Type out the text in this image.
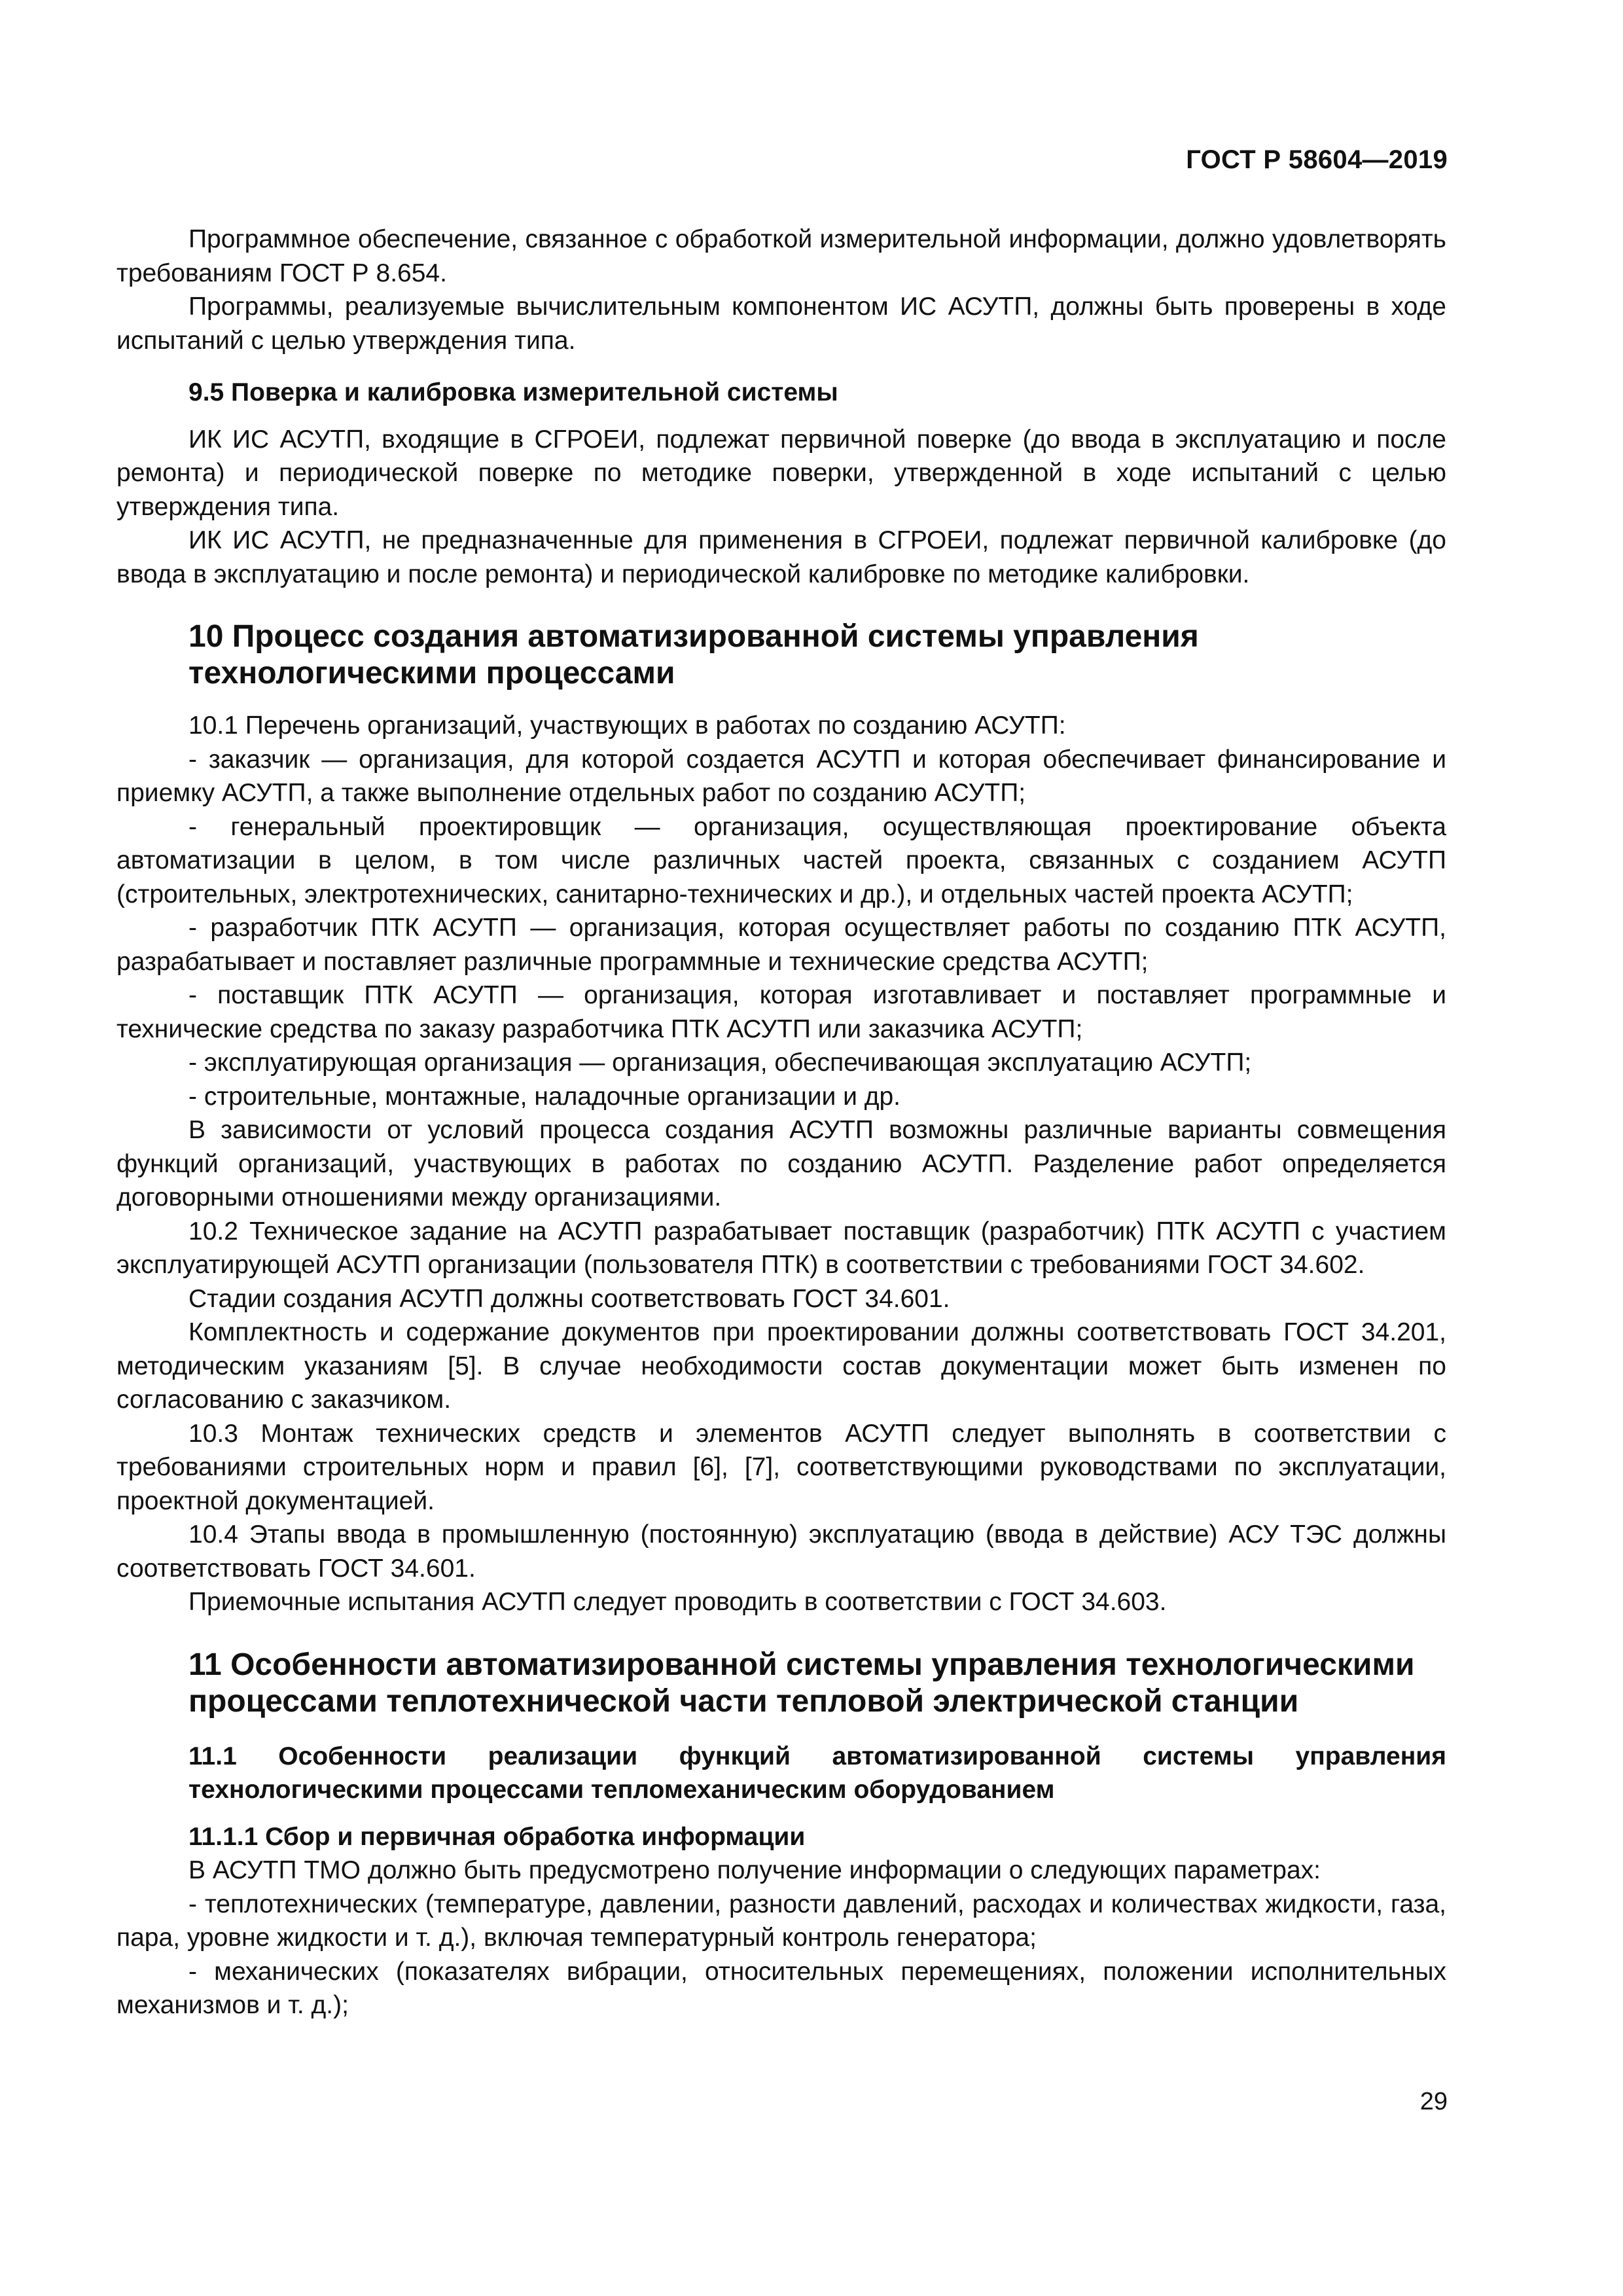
ГОСТ Р 58604—2019

Программное обеспечение, связанное с обработкой измерительной информации, должно удовлетворять требованиям ГОСТ Р 8.654.

Программы, реализуемые вычислительным компонентом ИС АСУТП, должны быть проверены в ходе испытаний с целью утверждения типа.

9.5 Поверка и калибровка измерительной системы

ИК ИС АСУТП, входящие в СГРОЕИ, подлежат первичной поверке (до ввода в эксплуатацию и после ремонта) и периодической поверке по методике поверки, утвержденной в ходе испытаний с целью утверждения типа.

ИК ИС АСУТП, не предназначенные для применения в СГРОЕИ, подлежат первичной калибровке (до ввода в эксплуатацию и после ремонта) и периодической калибровке по методике калибровки.

10 Процесс создания автоматизированной системы управления технологическими процессами

10.1 Перечень организаций, участвующих в работах по созданию АСУТП:

- заказчик — организация, для которой создается АСУТП и которая обеспечивает финансирование и приемку АСУТП, а также выполнение отдельных работ по созданию АСУТП;

- генеральный проектировщик — организация, осуществляющая проектирование объекта автоматизации в целом, в том числе различных частей проекта, связанных с созданием АСУТП (строительных, электротехнических, санитарно-технических и др.), и отдельных частей проекта АСУТП;

- разработчик ПТК АСУТП — организация, которая осуществляет работы по созданию ПТК АСУТП, разрабатывает и поставляет различные программные и технические средства АСУТП;

- поставщик ПТК АСУТП — организация, которая изготавливает и поставляет программные и технические средства по заказу разработчика ПТК АСУТП или заказчика АСУТП;

- эксплуатирующая организация — организация, обеспечивающая эксплуатацию АСУТП;

- строительные, монтажные, наладочные организации и др.

В зависимости от условий процесса создания АСУТП возможны различные варианты совмещения функций организаций, участвующих в работах по созданию АСУТП. Разделение работ определяется договорными отношениями между организациями.

10.2 Техническое задание на АСУТП разрабатывает поставщик (разработчик) ПТК АСУТП с участием эксплуатирующей АСУТП организации (пользователя ПТК) в соответствии с требованиями ГОСТ 34.602.

Стадии создания АСУТП должны соответствовать ГОСТ 34.601.

Комплектность и содержание документов при проектировании должны соответствовать ГОСТ 34.201, методическим указаниям [5]. В случае необходимости состав документации может быть изменен по согласованию с заказчиком.

10.3 Монтаж технических средств и элементов АСУТП следует выполнять в соответствии с требованиями строительных норм и правил [6], [7], соответствующими руководствами по эксплуатации, проектной документацией.

10.4 Этапы ввода в промышленную (постоянную) эксплуатацию (ввода в действие) АСУ ТЭС должны соответствовать ГОСТ 34.601.

Приемочные испытания АСУТП следует проводить в соответствии с ГОСТ 34.603.

11 Особенности автоматизированной системы управления технологическими процессами теплотехнической части тепловой электрической станции

11.1 Особенности реализации функций автоматизированной системы управления технологическими процессами тепломеханическим оборудованием

11.1.1 Сбор и первичная обработка информации

В АСУТП ТМО должно быть предусмотрено получение информации о следующих параметрах:

- теплотехнических (температуре, давлении, разности давлений, расходах и количествах жидкости, газа, пара, уровне жидкости и т. д.), включая температурный контроль генератора;

- механических (показателях вибрации, относительных перемещениях, положении исполнительных механизмов и т. д.);

29
